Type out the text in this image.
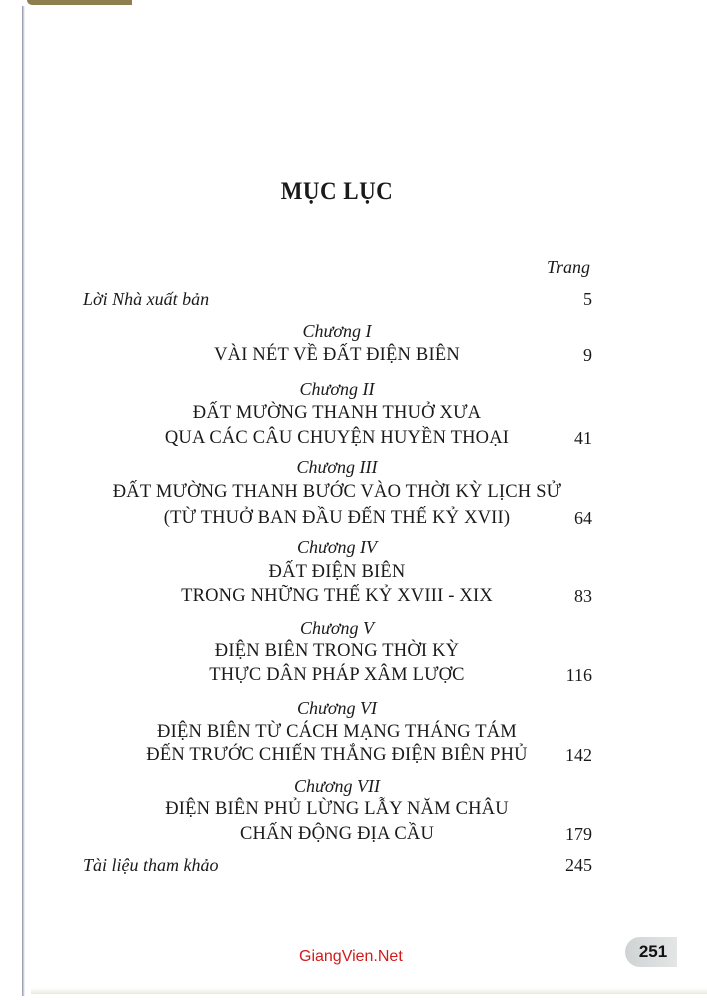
MỤC LỤC
Trang
Lời Nhà xuất bản	5
Chương I
VÀI NÉT VỀ ĐẤT ĐIỆN BIÊN	9
Chương II
ĐẤT MƯỜNG THANH THUỞ XƯA
QUA CÁC CÂU CHUYỆN HUYỀN THOẠI	41
Chương III
ĐẤT MƯỜNG THANH BƯỚC VÀO THỜI KỲ LỊCH SỬ
(TỪ THUỞ BAN ĐẦU ĐẾN THẾ KỶ XVII)	64
Chương IV
ĐẤT ĐIỆN BIÊN
TRONG NHỮNG THẾ KỶ XVIII - XIX	83
Chương V
ĐIỆN BIÊN TRONG THỜI KỲ
THỰC DÂN PHÁP XÂM LƯỢC	116
Chương VI
ĐIỆN BIÊN TỪ CÁCH MẠNG THÁNG TÁM
ĐẾN TRƯỚC CHIẾN THẮNG ĐIỆN BIÊN PHỦ	142
Chương VII
ĐIỆN BIÊN PHỦ LỪNG LẪY NĂM CHÂU
CHẤN ĐỘNG ĐỊA CẦU	179
Tài liệu tham khảo	245
GiangVien.Net	251
